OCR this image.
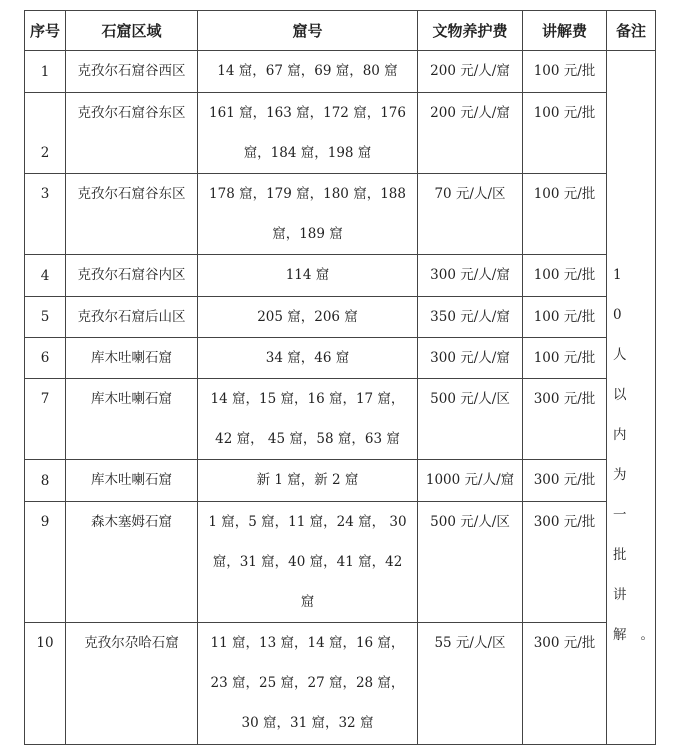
序号	石窟区域	窟号	文物养护费	讲解费	备注
1	克孜尔石窟谷西区	14 窟，67 窟，69 窟，80 窟	200 元/人/窟	100 元/批	10 人以内为一批讲解。

2	克孜尔石窟谷东区	161 窟，163 窟，172 窟，176 窟，184 窟，198 窟	200 元/人/窟	100 元/批	
3	克孜尔石窟谷东区	178 窟，179 窟，180 窟，188 窟，189 窟	70 元/人/区	100 元/批	
4	克孜尔石窟谷内区	114 窟	300 元/人/窟	100 元/批	
5	克孜尔石窟后山区	205 窟，206 窟	350 元/人/窟	100 元/批	
6	库木吐喇石窟	34 窟，46 窟	300 元/人/窟	100 元/批	
7	库木吐喇石窟	14 窟，15 窟，16 窟，17 窟，42 窟， 45 窟，58 窟，63 窟	500 元/人/区	300 元/批	
8	库木吐喇石窟	新 1 窟，新 2 窟	1000 元/人/窟	300 元/批	
9	森木塞姆石窟	1 窟，5 窟，11 窟，24 窟， 30 窟，31 窟，40 窟，41 窟，42 窟	500 元/人/区	300 元/批	
10	克孜尔尕哈石窟	11 窟，13 窟，14 窟，16 窟，23 窟，25 窟，27 窟，28 窟，30 窟，31 窟，32 窟	55 元/人/区	300 元/批	
